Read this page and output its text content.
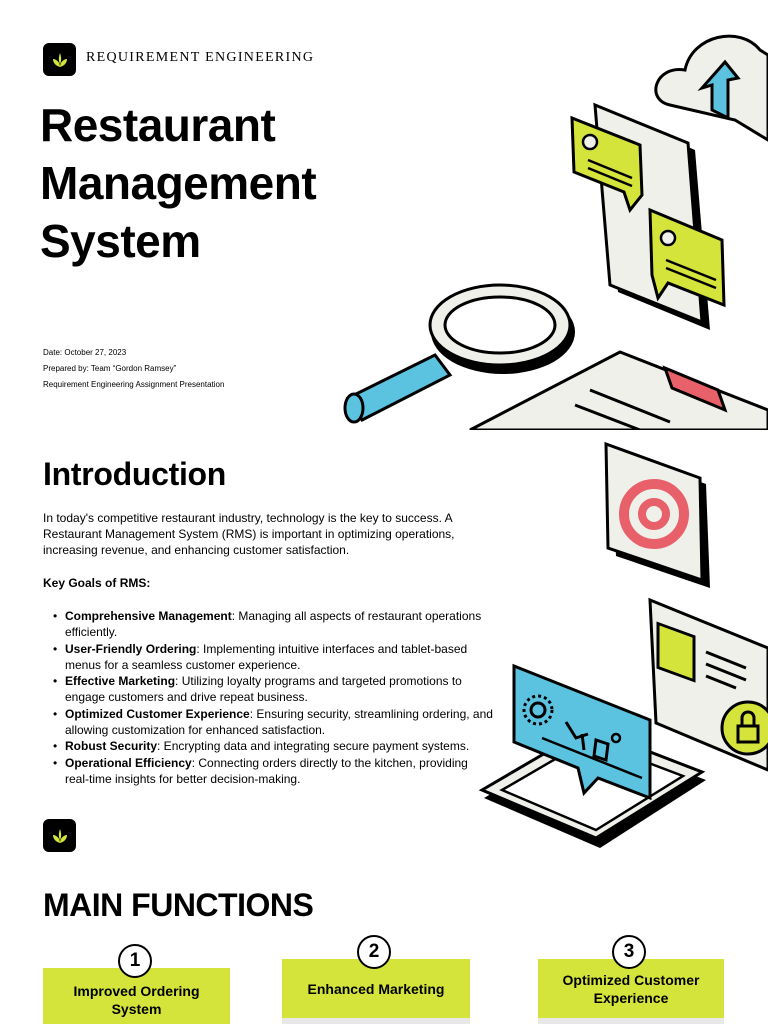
REQUIREMENT ENGINEERING
Restaurant
Management
System
Date: October 27, 2023
Prepared by: Team “Gordon Ramsey”
Requirement Engineering Assignment Presentation
Introduction

In today's competitive restaurant industry, technology is the key to success. A Restaurant Management System (RMS) is important in optimizing operations, increasing revenue, and enhancing customer satisfaction.

Key Goals of RMS:
• Comprehensive Management: Managing all aspects of restaurant operations efficiently.
• User-Friendly Ordering: Implementing intuitive interfaces and tablet-based menus for a seamless customer experience.
• Effective Marketing: Utilizing loyalty programs and targeted promotions to engage customers and drive repeat business.
• Optimized Customer Experience: Ensuring security, streamlining ordering, and allowing customization for enhanced satisfaction.
• Robust Security: Encrypting data and integrating secure payment systems.
• Operational Efficiency: Connecting orders directly to the kitchen, providing real-time insights for better decision-making.
MAIN FUNCTIONS
Improved Ordering System
1
Enhanced Marketing
2
Optimized Customer Experience
3
